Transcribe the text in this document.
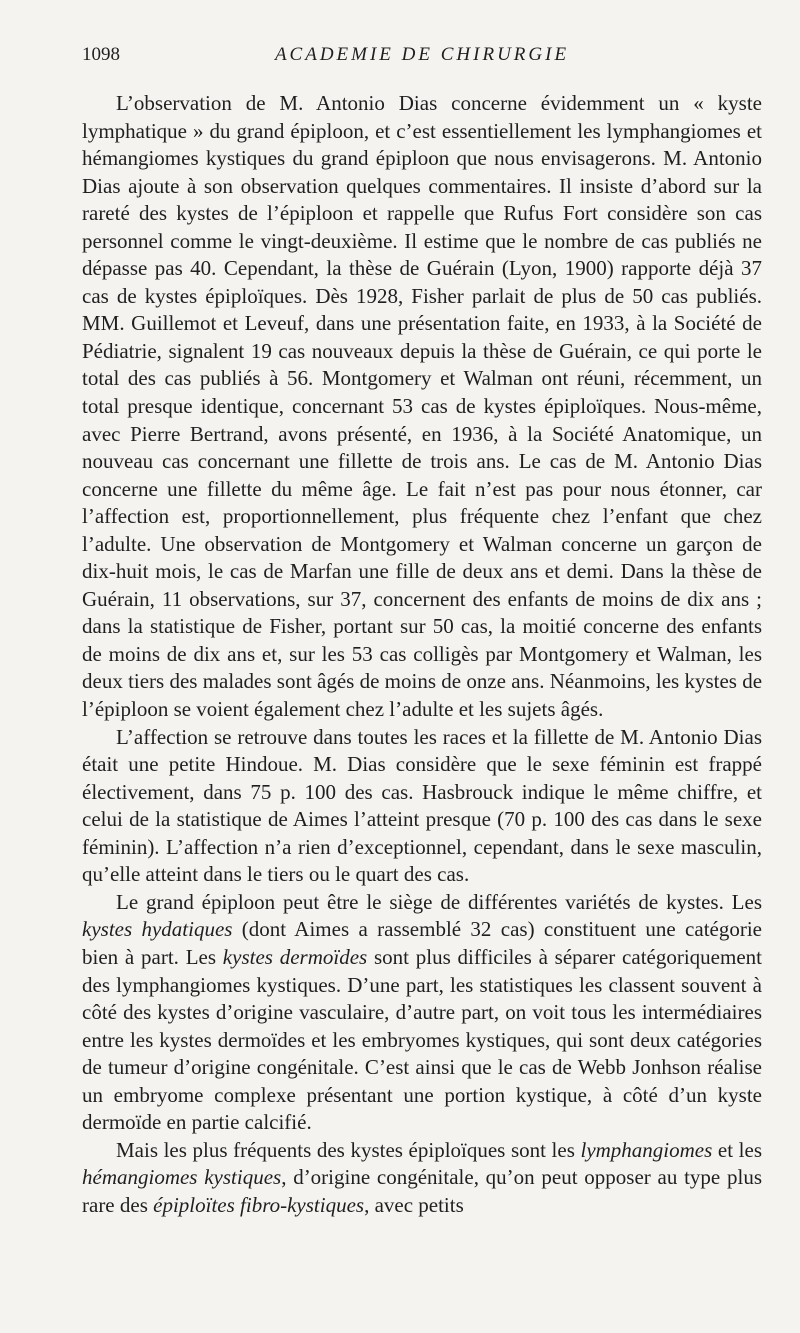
1098	ACADEMIE DE CHIRURGIE

L’observation de M. Antonio Dias concerne évidemment un « kyste lymphatique » du grand épiploon, et c’est essentiellement les lymphangiomes et hémangiomes kystiques du grand épiploon que nous envisagerons. M. Antonio Dias ajoute à son observation quelques commentaires. Il insiste d’abord sur la rareté des kystes de l’épiploon et rappelle que Rufus Fort considère son cas personnel comme le vingt-deuxième. Il estime que le nombre de cas publiés ne dépasse pas 40. Cependant, la thèse de Guérain (Lyon, 1900) rapporte déjà 37 cas de kystes épiploïques. Dès 1928, Fisher parlait de plus de 50 cas publiés. MM. Guillemot et Leveuf, dans une présentation faite, en 1933, à la Société de Pédiatrie, signalent 19 cas nouveaux depuis la thèse de Guérain, ce qui porte le total des cas publiés à 56. Montgomery et Walman ont réuni, récemment, un total presque identique, concernant 53 cas de kystes épiploïques. Nous-même, avec Pierre Bertrand, avons présenté, en 1936, à la Société Anatomique, un nouveau cas concernant une fillette de trois ans. Le cas de M. Antonio Dias concerne une fillette du même âge. Le fait n’est pas pour nous étonner, car l’affection est, proportionnellement, plus fréquente chez l’enfant que chez l’adulte. Une observation de Montgomery et Walman concerne un garçon de dix-huit mois, le cas de Marfan une fille de deux ans et demi. Dans la thèse de Guérain, 11 observations, sur 37, concernent des enfants de moins de dix ans ; dans la statistique de Fisher, portant sur 50 cas, la moitié concerne des enfants de moins de dix ans et, sur les 53 cas colligès par Montgomery et Walman, les deux tiers des malades sont âgés de moins de onze ans. Néanmoins, les kystes de l’épiploon se voient également chez l’adulte et les sujets âgés.

L’affection se retrouve dans toutes les races et la fillette de M. Antonio Dias était une petite Hindoue. M. Dias considère que le sexe féminin est frappé électivement, dans 75 p. 100 des cas. Hasbrouck indique le même chiffre, et celui de la statistique de Aimes l’atteint presque (70 p. 100 des cas dans le sexe féminin). L’affection n’a rien d’exceptionnel, cependant, dans le sexe masculin, qu’elle atteint dans le tiers ou le quart des cas.

Le grand épiploon peut être le siège de différentes variétés de kystes. Les kystes hydatiques (dont Aimes a rassemblé 32 cas) constituent une catégorie bien à part. Les kystes dermoïdes sont plus difficiles à séparer catégoriquement des lymphangiomes kystiques. D’une part, les statistiques les classent souvent à côté des kystes d’origine vasculaire, d’autre part, on voit tous les intermédiaires entre les kystes dermoïdes et les embryomes kystiques, qui sont deux catégories de tumeur d’origine congénitale. C’est ainsi que le cas de Webb Jonhson réalise un embryome complexe présentant une portion kystique, à côté d’un kyste dermoïde en partie calcifié.

Mais les plus fréquents des kystes épiploïques sont les lymphangiomes et les hémangiomes kystiques, d’origine congénitale, qu’on peut opposer au type plus rare des épiploïtes fibro-kystiques, avec petits
